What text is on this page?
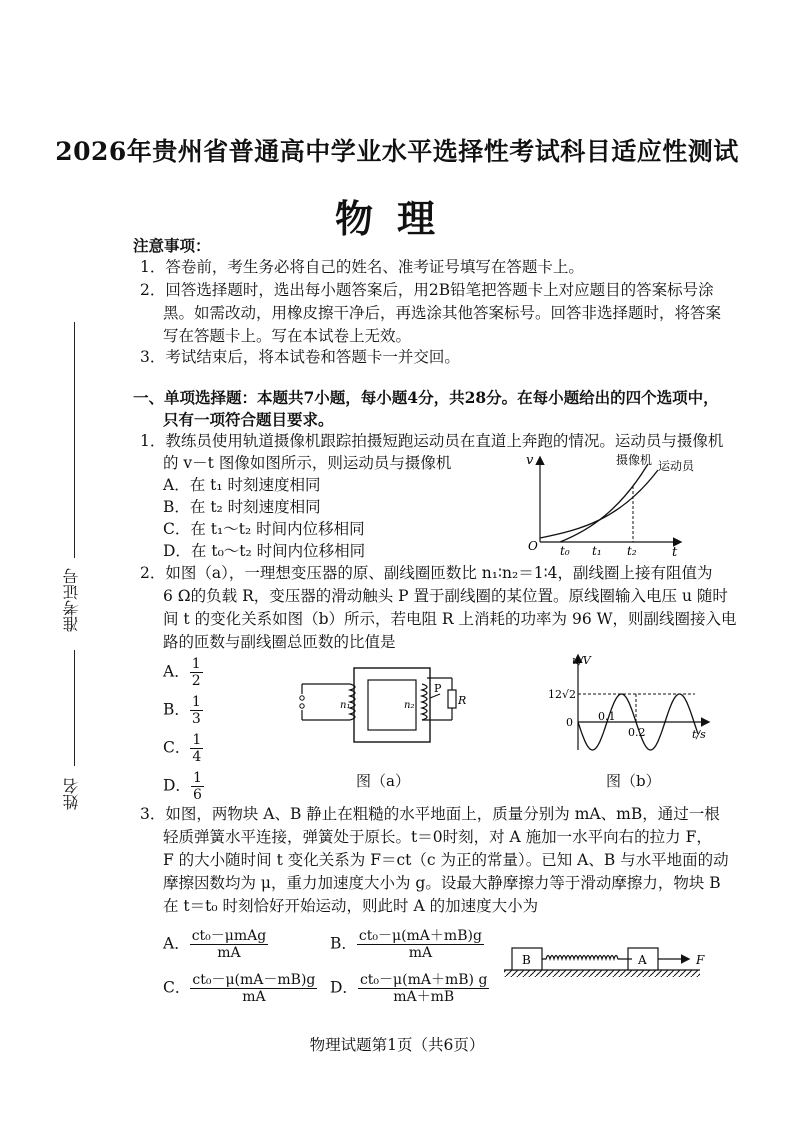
2026年贵州省普通高中学业水平选择性考试科目适应性测试
物理
注意事项：
1．答卷前，考生务必将自己的姓名、准考证号填写在答题卡上。
2．回答选择题时，选出每小题答案后，用2B铅笔把答题卡上对应题目的答案标号涂
黑。如需改动，用橡皮擦干净后，再选涂其他答案标号。回答非选择题时，将答案
写在答题卡上。写在本试卷上无效。
3．考试结束后，将本试卷和答题卡一并交回。
准考证号
姓名
一、单项选择题：本题共7小题，每小题4分，共28分。在每小题给出的四个选项中，
只有一项符合题目要求。
1．教练员使用轨道摄像机跟踪拍摄短跑运动员在直道上奔跑的情况。运动员与摄像机
的 v－t 图像如图所示，则运动员与摄像机
A．在 t₁ 时刻速度相同
B．在 t₂ 时刻速度相同
C．在 t₁～t₂ 时间内位移相同
D．在 t₀～t₂ 时间内位移相同
v
t
O t₀ t₁ t₂
摄像机 运动员
2．如图（a），一理想变压器的原、副线圈匝数比 n₁∶n₂＝1∶4，副线圈上接有阻值为
6 Ω的负载 R，变压器的滑动触头 P 置于副线圈的某位置。原线圈输入电压 u 随时
间 t 的变化关系如图（b）所示，若电阻 R 上消耗的功率为 96 W，则副线圈接入电
路的匝数与副线圈总匝数的比值是
A． $\frac{1}{2}$
B． $\frac{1}{3}$
C． $\frac{1}{4}$
D． $\frac{1}{6}$
n₁	n₂
P
R
图（a）
u/V
t/s
12√2
0 0.1
0.2
图（b）
3．如图，两物块 A、B 静止在粗糙的水平地面上，质量分别为 mA、mB，通过一根
轻质弹簧水平连接，弹簧处于原长。t＝0时刻，对 A 施加一水平向右的拉力 F，
F 的大小随时间 t 变化关系为 F＝ct（c 为正的常量）。已知 A、B 与水平地面的动
摩擦因数均为 μ，重力加速度大小为 g。设最大静摩擦力等于滑动摩擦力，物块 B
在 t＝t₀ 时刻恰好开始运动，则此时 A 的加速度大小为
A． $\frac{\text{ct₀－μmAg}}{mA}$	B． $\frac{\text{ct₀－μ(mA＋mB)g}}{mA}$
C． $\frac{\text{ct₀－μ(mA－mB)g}}{mA}$ D． $\frac{\text{ct₀－μ(mA＋mB) g}}{mA+mB}$
B	A	F
物理试题第1页（共6页）
